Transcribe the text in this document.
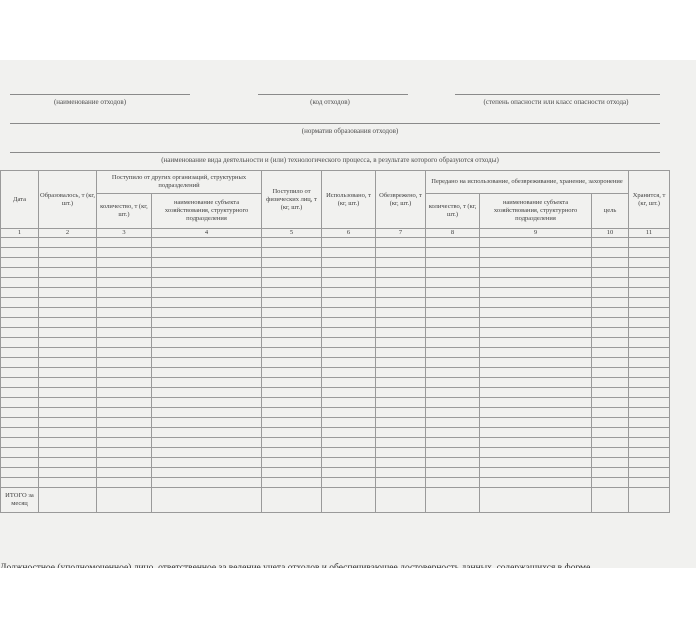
(наименование отходов)	(код отходов)	(степень опасности или класс опасности отхода)
(норматив образования отходов)
(наименование вида деятельности и (или) технологического процесса, в результате которого образуются отходы)
Дата	Образовалось, т (кг, шт.)	Поступило от других организаций, структурных подразделений		Поступило от физических лиц, т (кг, шт.)	Использовано, т (кг, шт.)	Обезврежено, т (кг, шт.)	Передано на использование, обезвреживание, хранение, захоронение			Хранится, т (кг, шт.)
		количество, т (кг, шт.)	наименование субъекта хозяйствования, структурного подразделения				количество, т (кг, шт.)	наименование субъекта хозяйствования, структурного подразделения	цель	
1	2	3	4	5	6	7	8	9	10	11

ИТОГО за месяц										
